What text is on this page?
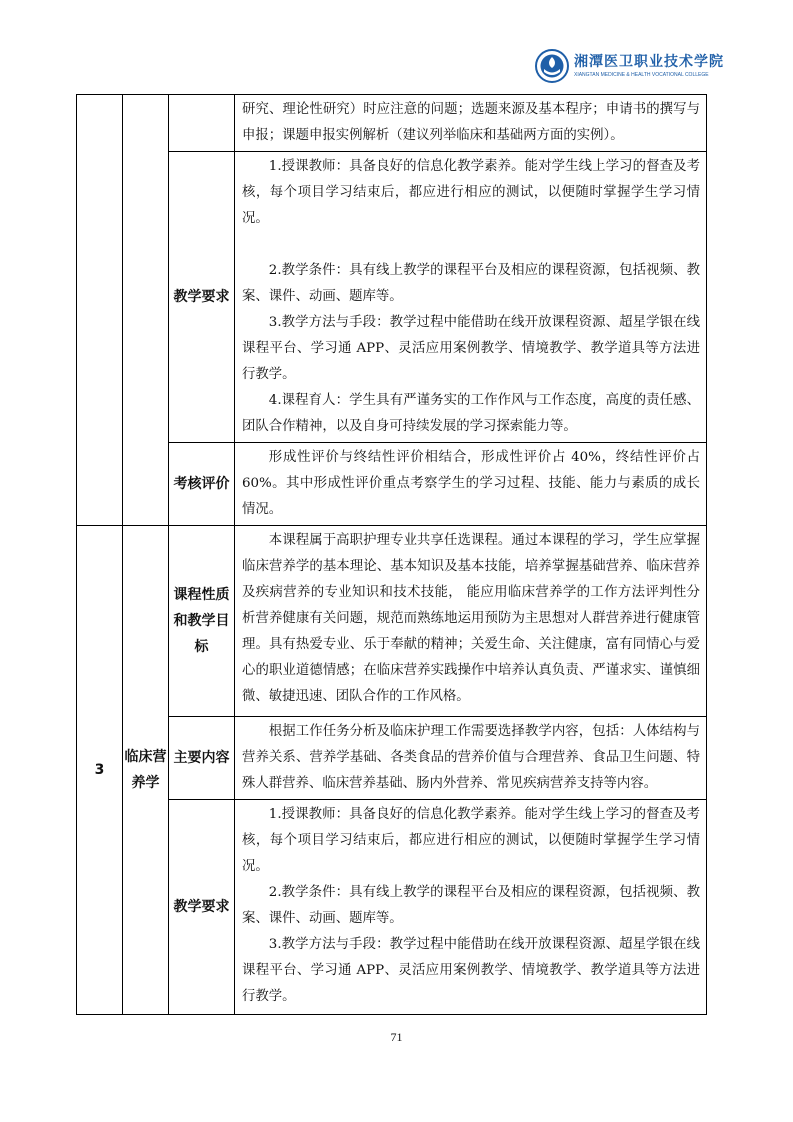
湘潭医卫职业技术学院
XIANGTAN MEDICINE & HEALTH VOCATIONAL COLLEGE

			研究、理论性研究）时应注意的问题；选题来源及基本程序；申请书的撰写与申报；课题申报实例解析（建议列举临床和基础两方面的实例）。

		教学要求	1.授课教师：具备良好的信息化教学素养。能对学生线上学习的督查及考核，每个项目学习结束后，都应进行相应的测试，以便随时掌握学生学习情况。

2.教学条件：具有线上教学的课程平台及相应的课程资源，包括视频、教案、课件、动画、题库等。

3.教学方法与手段：教学过程中能借助在线开放课程资源、超星学银在线课程平台、学习通 APP、灵活应用案例教学、情境教学、教学道具等方法进行教学。

4.课程育人：学生具有严谨务实的工作作风与工作态度，高度的责任感、团队合作精神，以及自身可持续发展的学习探索能力等。

		考核评价	形成性评价与终结性评价相结合，形成性评价占 40%，终结性评价占 60%。其中形成性评价重点考察学生的学习过程、技能、能力与素质的成长情况。

3	临床营养学	课程性质和教学目标	本课程属于高职护理专业共享任选课程。通过本课程的学习，学生应掌握临床营养学的基本理论、基本知识及基本技能，培养掌握基础营养、临床营养及疾病营养的专业知识和技术技能， 能应用临床营养学的工作方法评判性分析营养健康有关问题，规范而熟练地运用预防为主思想对人群营养进行健康管理。具有热爱专业、乐于奉献的精神；关爱生命、关注健康，富有同情心与爱心的职业道德情感；在临床营养实践操作中培养认真负责、严谨求实、谨慎细微、敏捷迅速、团队合作的工作风格。

		主要内容	根据工作任务分析及临床护理工作需要选择教学内容，包括：人体结构与营养关系、营养学基础、各类食品的营养价值与合理营养、食品卫生问题、特殊人群营养、临床营养基础、肠内外营养、常见疾病营养支持等内容。

		教学要求	1.授课教师：具备良好的信息化教学素养。能对学生线上学习的督查及考核，每个项目学习结束后，都应进行相应的测试，以便随时掌握学生学习情况。

2.教学条件：具有线上教学的课程平台及相应的课程资源，包括视频、教案、课件、动画、题库等。

3.教学方法与手段：教学过程中能借助在线开放课程资源、超星学银在线课程平台、学习通 APP、灵活应用案例教学、情境教学、教学道具等方法进行教学。

71
